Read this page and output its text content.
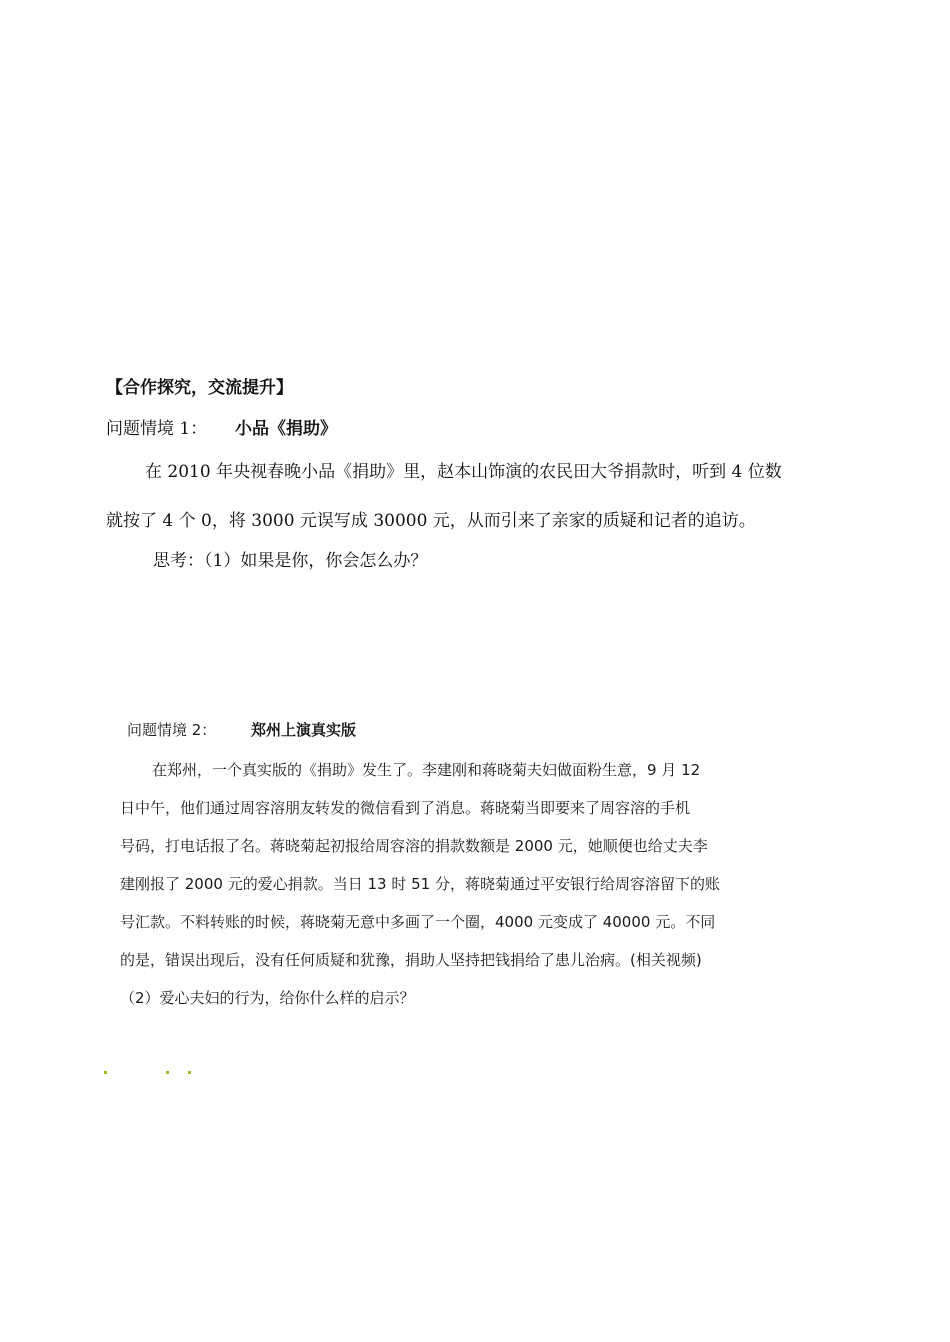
【合作探究，交流提升】
问题情境 1： 小品《捐助》
在 2010 年央视春晚小品《捐助》里，赵本山饰演的农民田大爷捐款时，听到 4 位数
就按了 4 个 0，将 3000 元误写成 30000 元，从而引来了亲家的质疑和记者的追访。
思考：（1）如果是你，你会怎么办？
问题情境 2： 郑州上演真实版
在郑州，一个真实版的《捐助》发生了。李建刚和蒋晓菊夫妇做面粉生意，9 月 12
日中午，他们通过周容溶朋友转发的微信看到了消息。蒋晓菊当即要来了周容溶的手机
号码，打电话报了名。蒋晓菊起初报给周容溶的捐款数额是 2000 元，她顺便也给丈夫李
建刚报了 2000 元的爱心捐款。当日 13 时 51 分，蒋晓菊通过平安银行给周容溶留下的账
号汇款。不料转账的时候，蒋晓菊无意中多画了一个圈，4000 元变成了 40000 元。不同
的是，错误出现后，没有任何质疑和犹豫，捐助人坚持把钱捐给了患儿治病。(相关视频)
（2）爱心夫妇的行为，给你什么样的启示？
